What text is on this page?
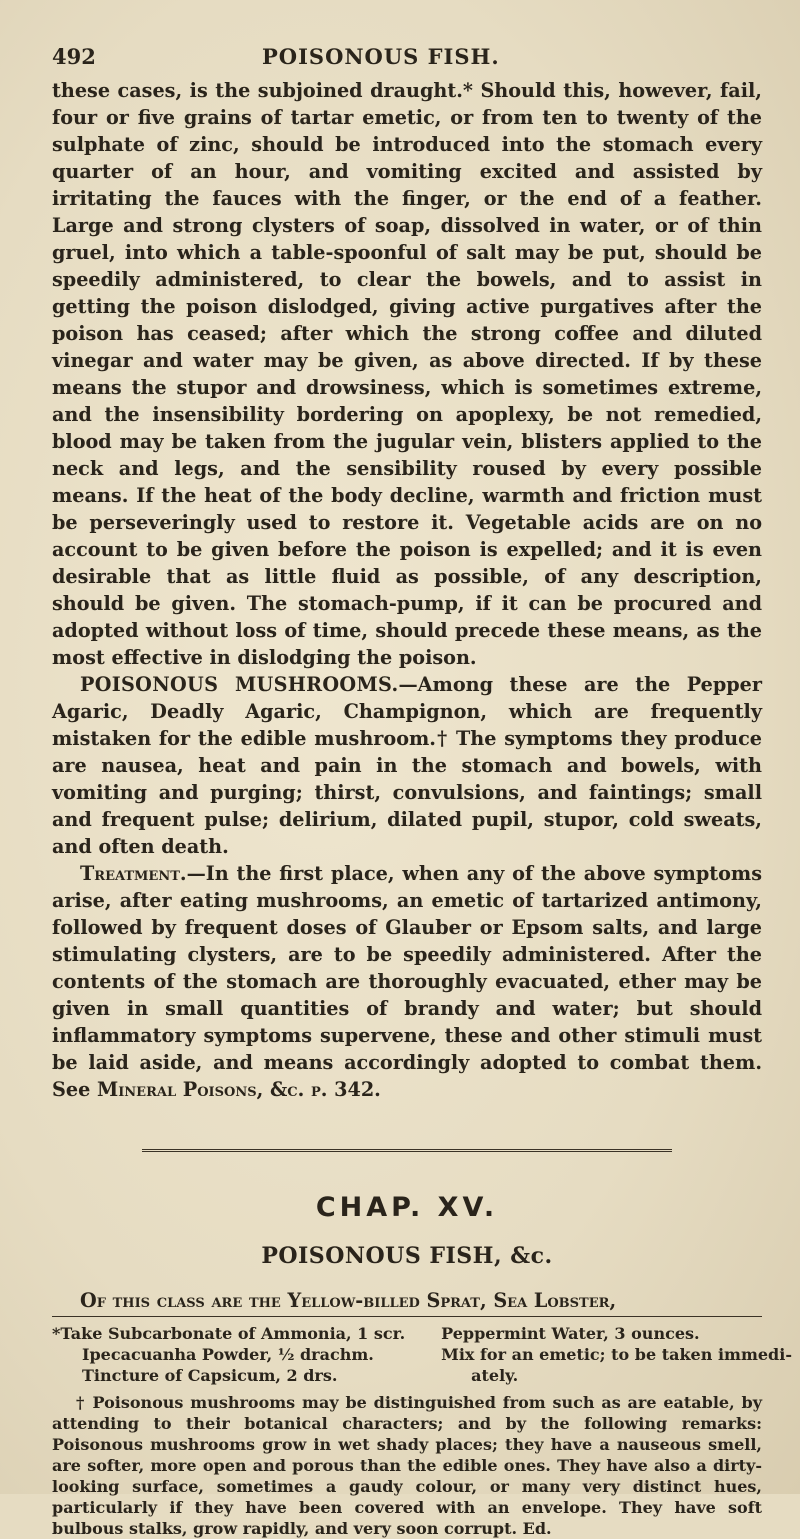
492	POISONOUS FISH.

these cases, is the subjoined draught.* Should this, however, fail, four or five grains of tartar emetic, or from ten to twenty of the sulphate of zinc, should be introduced into the stomach every quarter of an hour, and vomiting excited and assisted by irritating the fauces with the finger, or the end of a feather. Large and strong clysters of soap, dissolved in water, or of thin gruel, into which a table-spoonful of salt may be put, should be speedily administered, to clear the bowels, and to assist in getting the poison dislodged, giving active purgatives after the poison has ceased; after which the strong coffee and diluted vinegar and water may be given, as above directed. If by these means the stupor and drowsiness, which is sometimes extreme, and the insensibility bordering on apoplexy, be not remedied, blood may be taken from the jugular vein, blisters applied to the neck and legs, and the sensibility roused by every possible means. If the heat of the body decline, warmth and friction must be perseveringly used to restore it. Vegetable acids are on no account to be given before the poison is expelled; and it is even desirable that as little fluid as possible, of any description, should be given. The stomach-pump, if it can be procured and adopted without loss of time, should precede these means, as the most effective in dislodging the poison.

POISONOUS MUSHROOMS.—Among these are the Pepper Agaric, Deadly Agaric, Champignon, which are frequently mistaken for the edible mushroom.† The symptoms they produce are nausea, heat and pain in the stomach and bowels, with vomiting and purging; thirst, convulsions, and faintings; small and frequent pulse; delirium, dilated pupil, stupor, cold sweats, and often death.

Treatment.—In the first place, when any of the above symptoms arise, after eating mushrooms, an emetic of tartarized antimony, followed by frequent doses of Glauber or Epsom salts, and large stimulating clysters, are to be speedily administered. After the contents of the stomach are thoroughly evacuated, ether may be given in small quantities of brandy and water; but should inflammatory symptoms supervene, these and other stimuli must be laid aside, and means accordingly adopted to combat them. See Mineral Poisons, &c. p. 342.

CHAP. XV.
POISONOUS FISH, &c.

Of this class are the Yellow-billed Sprat, Sea Lobster,

*Take Subcarbonate of Ammonia, 1 scr. Peppermint Water, 3 ounces.
Ipecacuanha Powder, ½ drachm.	Mix for an emetic; to be taken immedi-
Tincture of Capsicum, 2 drs.	ately.

† Poisonous mushrooms may be distinguished from such as are eatable, by attending to their botanical characters; and by the following remarks: Poisonous mushrooms grow in wet shady places; they have a nauseous smell, are softer, more open and porous than the edible ones. They have also a dirty-looking surface, sometimes a gaudy colour, or many very distinct hues, particularly if they have been covered with an envelope. They have soft bulbous stalks, grow rapidly, and very soon corrupt. Ed.
